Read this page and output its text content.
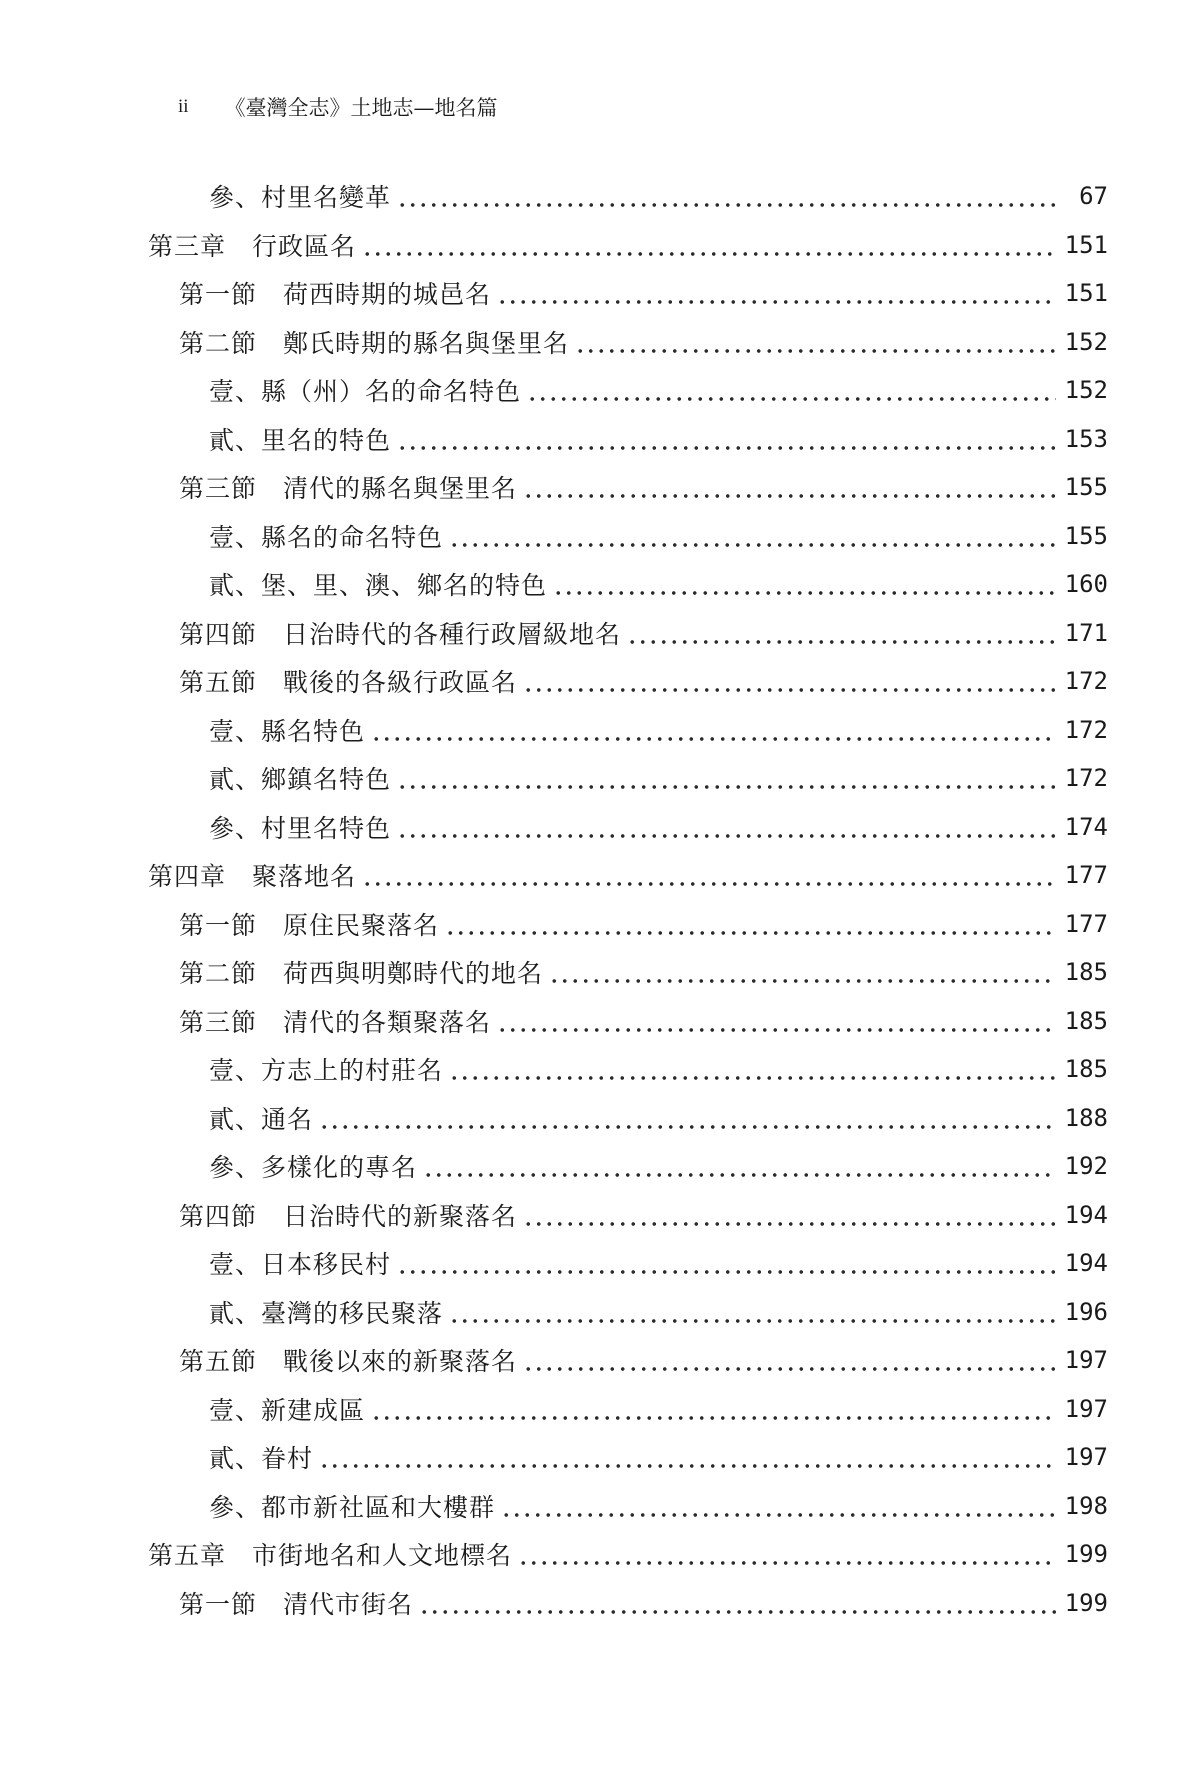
ii 《臺灣全志》土地志—地名篇
參、村里名變革	67
第三章　行政區名	151
第一節　荷西時期的城邑名	151
第二節　鄭氏時期的縣名與堡里名	152
壹、縣（州）名的命名特色	152
貳、里名的特色	153
第三節　清代的縣名與堡里名	155
壹、縣名的命名特色	155
貳、堡、里、澳、鄉名的特色	160
第四節　日治時代的各種行政層級地名	171
第五節　戰後的各級行政區名	172
壹、縣名特色	172
貳、鄉鎮名特色	172
參、村里名特色	174
第四章　聚落地名	177
第一節　原住民聚落名	177
第二節　荷西與明鄭時代的地名	185
第三節　清代的各類聚落名	185
壹、方志上的村莊名	185
貳、通名	188
參、多樣化的專名	192
第四節　日治時代的新聚落名	194
壹、日本移民村	194
貳、臺灣的移民聚落	196
第五節　戰後以來的新聚落名	197
壹、新建成區	197
貳、眷村	197
參、都市新社區和大樓群	198
第五章　市街地名和人文地標名	199
第一節　清代市街名	199
